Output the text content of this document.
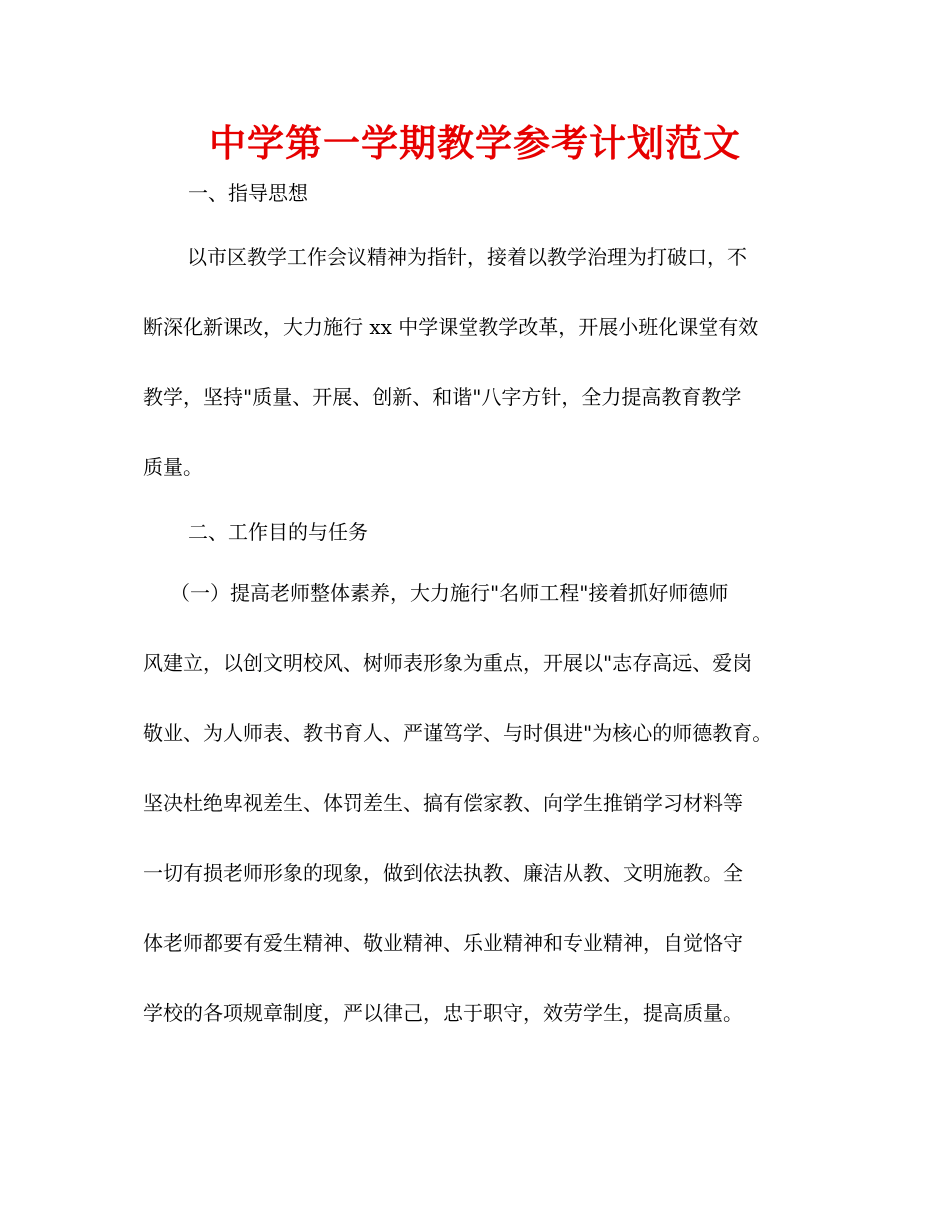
中学第一学期教学参考计划范文
一、指导思想
以市区教学工作会议精神为指针，接着以教学治理为打破口，不
断深化新课改，大力施行 xx 中学课堂教学改革，开展小班化课堂有效
教学，坚持"质量、开展、创新、和谐"八字方针，全力提高教育教学
质量。
二、工作目的与任务
（一）提高老师整体素养，大力施行"名师工程"接着抓好师德师
风建立，以创文明校风、树师表形象为重点，开展以"志存高远、爱岗
敬业、为人师表、教书育人、严谨笃学、与时俱进"为核心的师德教育。
坚决杜绝卑视差生、体罚差生、搞有偿家教、向学生推销学习材料等
一切有损老师形象的现象，做到依法执教、廉洁从教、文明施教。全
体老师都要有爱生精神、敬业精神、乐业精神和专业精神，自觉恪守
学校的各项规章制度，严以律己，忠于职守，效劳学生，提高质量。
